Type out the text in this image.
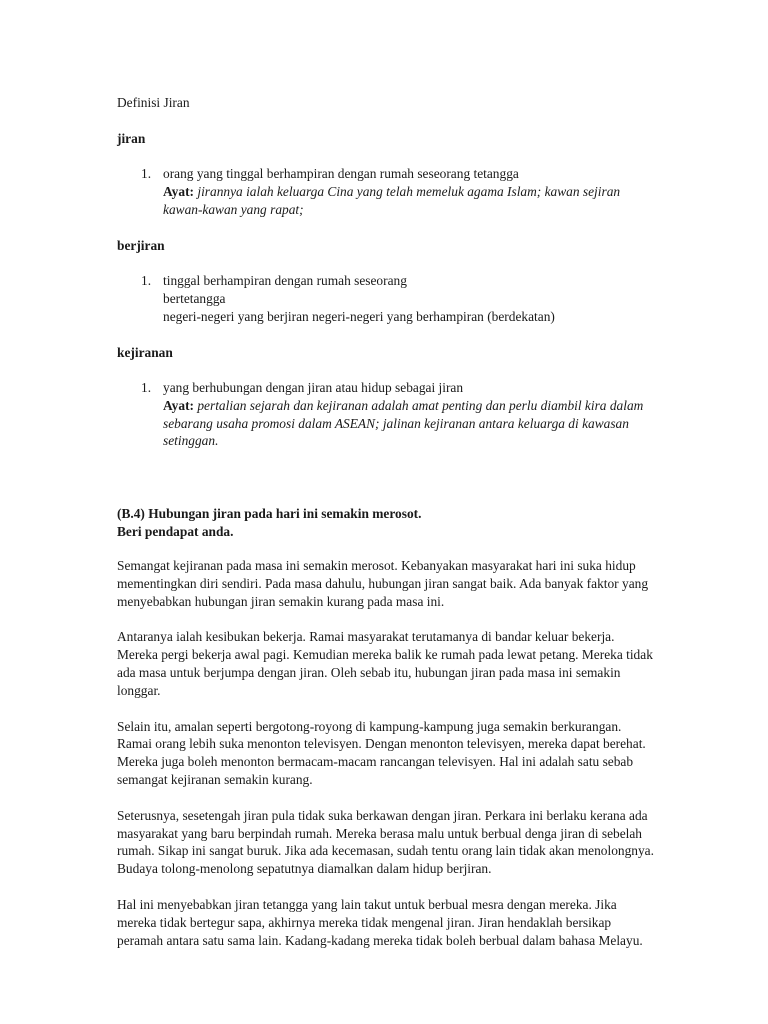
Definisi Jiran
jiran
1. orang yang tinggal berhampiran dengan rumah seseorang tetangga

Ayat: jirannya ialah keluarga Cina yang telah memeluk agama Islam; kawan sejiran kawan-kawan yang rapat;

berjiran
1. tinggal berhampiran dengan rumah seseorang

bertetangga

negeri-negeri yang berjiran negeri-negeri yang berhampiran (berdekatan)

kejiranan
1. yang berhubungan dengan jiran atau hidup sebagai jiran

Ayat: pertalian sejarah dan kejiranan adalah amat penting dan perlu diambil kira dalam sebarang usaha promosi dalam ASEAN; jalinan kejiranan antara keluarga di kawasan setinggan.

(B.4) Hubungan jiran pada hari ini semakin merosot.

Beri pendapat anda.

Semangat kejiranan pada masa ini semakin merosot. Kebanyakan masyarakat hari ini suka hidup mementingkan diri sendiri. Pada masa dahulu, hubungan jiran sangat baik. Ada banyak faktor yang menyebabkan hubungan jiran semakin kurang pada masa ini.

Antaranya ialah kesibukan bekerja. Ramai masyarakat terutamanya di bandar keluar bekerja. Mereka pergi bekerja awal pagi. Kemudian mereka balik ke rumah pada lewat petang. Mereka tidak ada masa untuk berjumpa dengan jiran. Oleh sebab itu, hubungan jiran pada masa ini semakin longgar.

Selain itu, amalan seperti bergotong-royong di kampung-kampung juga semakin berkurangan. Ramai orang lebih suka menonton televisyen. Dengan menonton televisyen, mereka dapat berehat. Mereka juga boleh menonton bermacam-macam rancangan televisyen. Hal ini adalah satu sebab semangat kejiranan semakin kurang.

Seterusnya, sesetengah jiran pula tidak suka berkawan dengan jiran. Perkara ini berlaku kerana ada masyarakat yang baru berpindah rumah. Mereka berasa malu untuk berbual denga jiran di sebelah rumah. Sikap ini sangat buruk. Jika ada kecemasan, sudah tentu orang lain tidak akan menolongnya. Budaya tolong-menolong sepatutnya diamalkan dalam hidup berjiran.

Hal ini menyebabkan jiran tetangga yang lain takut untuk berbual mesra dengan mereka. Jika mereka tidak bertegur sapa, akhirnya mereka tidak mengenal jiran. Jiran hendaklah bersikap peramah antara satu sama lain. Kadang-kadang mereka tidak boleh berbual dalam bahasa Melayu.
